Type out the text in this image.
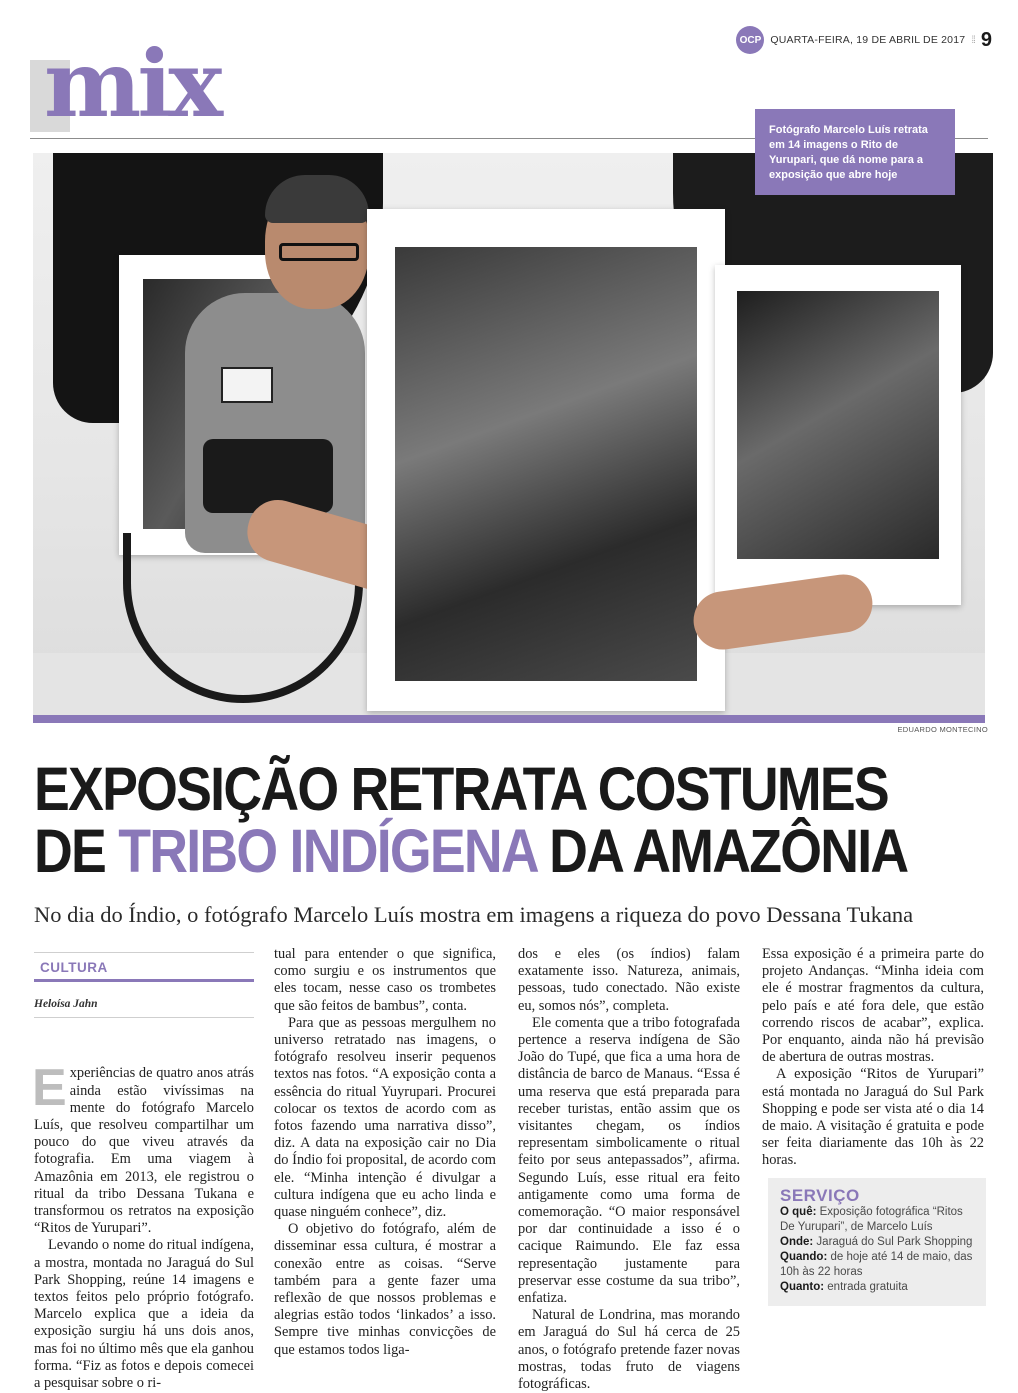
mix	OCP QUARTA-FEIRA, 19 DE ABRIL DE 2017 ⁞⁞ 9
EDUARDO MONTECINO
Fotógrafo Marcelo Luís retrata em 14 imagens o Rito de Yurupari, que dá nome para a exposição que abre hoje
EXPOSIÇÃO RETRATA COSTUMES
DE TRIBO INDÍGENA DA AMAZÔNIA
No dia do Índio, o fotógrafo Marcelo Luís mostra em imagens a riqueza do povo Dessana Tukana
CULTURA
Heloísa Jahn
E xperiências de quatro anos atrás ainda estão vivíssimas na mente do fotógrafo Marcelo Luís, que resolveu compartilhar um pouco do que viveu através da fotografia. Em uma viagem à Amazônia em 2013, ele registrou o ritual da tribo Dessana Tukana e transformou os retratos na exposição “Ritos de Yurupari”.

Levando o nome do ritual indígena, a mostra, montada no Jaraguá do Sul Park Shopping, reúne 14 imagens e textos feitos pelo próprio fotógrafo. Marcelo explica que a ideia da exposição surgiu há uns dois anos, mas foi no último mês que ela ganhou forma. “Fiz as fotos e depois comecei a pesquisar sobre o ri-

tual para entender o que significa, como surgiu e os instrumentos que eles tocam, nesse caso os trombetes que são feitos de bambus”, conta.

Para que as pessoas mergulhem no universo retratado nas imagens, o fotógrafo resolveu inserir pequenos textos nas fotos. “A exposição conta a essência do ritual Yuyrupari. Procurei colocar os textos de acordo com as fotos fazendo uma narrativa disso”, diz. A data na exposição cair no Dia do Índio foi proposital, de acordo com ele. “Minha intenção é divulgar a cultura indígena que eu acho linda e quase ninguém conhece”, diz.

O objetivo do fotógrafo, além de disseminar essa cultura, é mostrar a conexão entre as coisas. “Serve também para a gente fazer uma reflexão de que nossos problemas e alegrias estão todos ‘linkados’ a isso. Sempre tive minhas convicções de que estamos todos liga-

dos e eles (os índios) falam exatamente isso. Natureza, animais, pessoas, tudo conectado. Não existe eu, somos nós”, completa.

Ele comenta que a tribo fotografada pertence a reserva indígena de São João do Tupé, que fica a uma hora de distância de barco de Manaus. “Essa é uma reserva que está preparada para receber turistas, então assim que os visitantes chegam, os índios representam simbolicamente o ritual feito por seus antepassados”, afirma. Segundo Luís, esse ritual era feito antigamente como uma forma de comemoração. “O maior responsável por dar continuidade a isso é o cacique Raimundo. Ele faz essa representação justamente para preservar esse costume da sua tribo”, enfatiza.

Natural de Londrina, mas morando em Jaraguá do Sul há cerca de 25 anos, o fotógrafo pretende fazer novas mostras, todas fruto de viagens fotográficas.

Essa exposição é a primeira parte do projeto Andanças. “Minha ideia com ele é mostrar fragmentos da cultura, pelo país e até fora dele, que estão correndo riscos de acabar”, explica. Por enquanto, ainda não há previsão de abertura de outras mostras.

A exposição “Ritos de Yurupari” está montada no Jaraguá do Sul Park Shopping e pode ser vista até o dia 14 de maio. A visitação é gratuita e pode ser feita diariamente das 10h às 22 horas.

SERVIÇO
O quê: Exposição fotográfica “Ritos De Yurupari”, de Marcelo Luís
Onde: Jaraguá do Sul Park Shopping
Quando: de hoje até 14 de maio, das 10h às 22 horas
Quanto: entrada gratuita
